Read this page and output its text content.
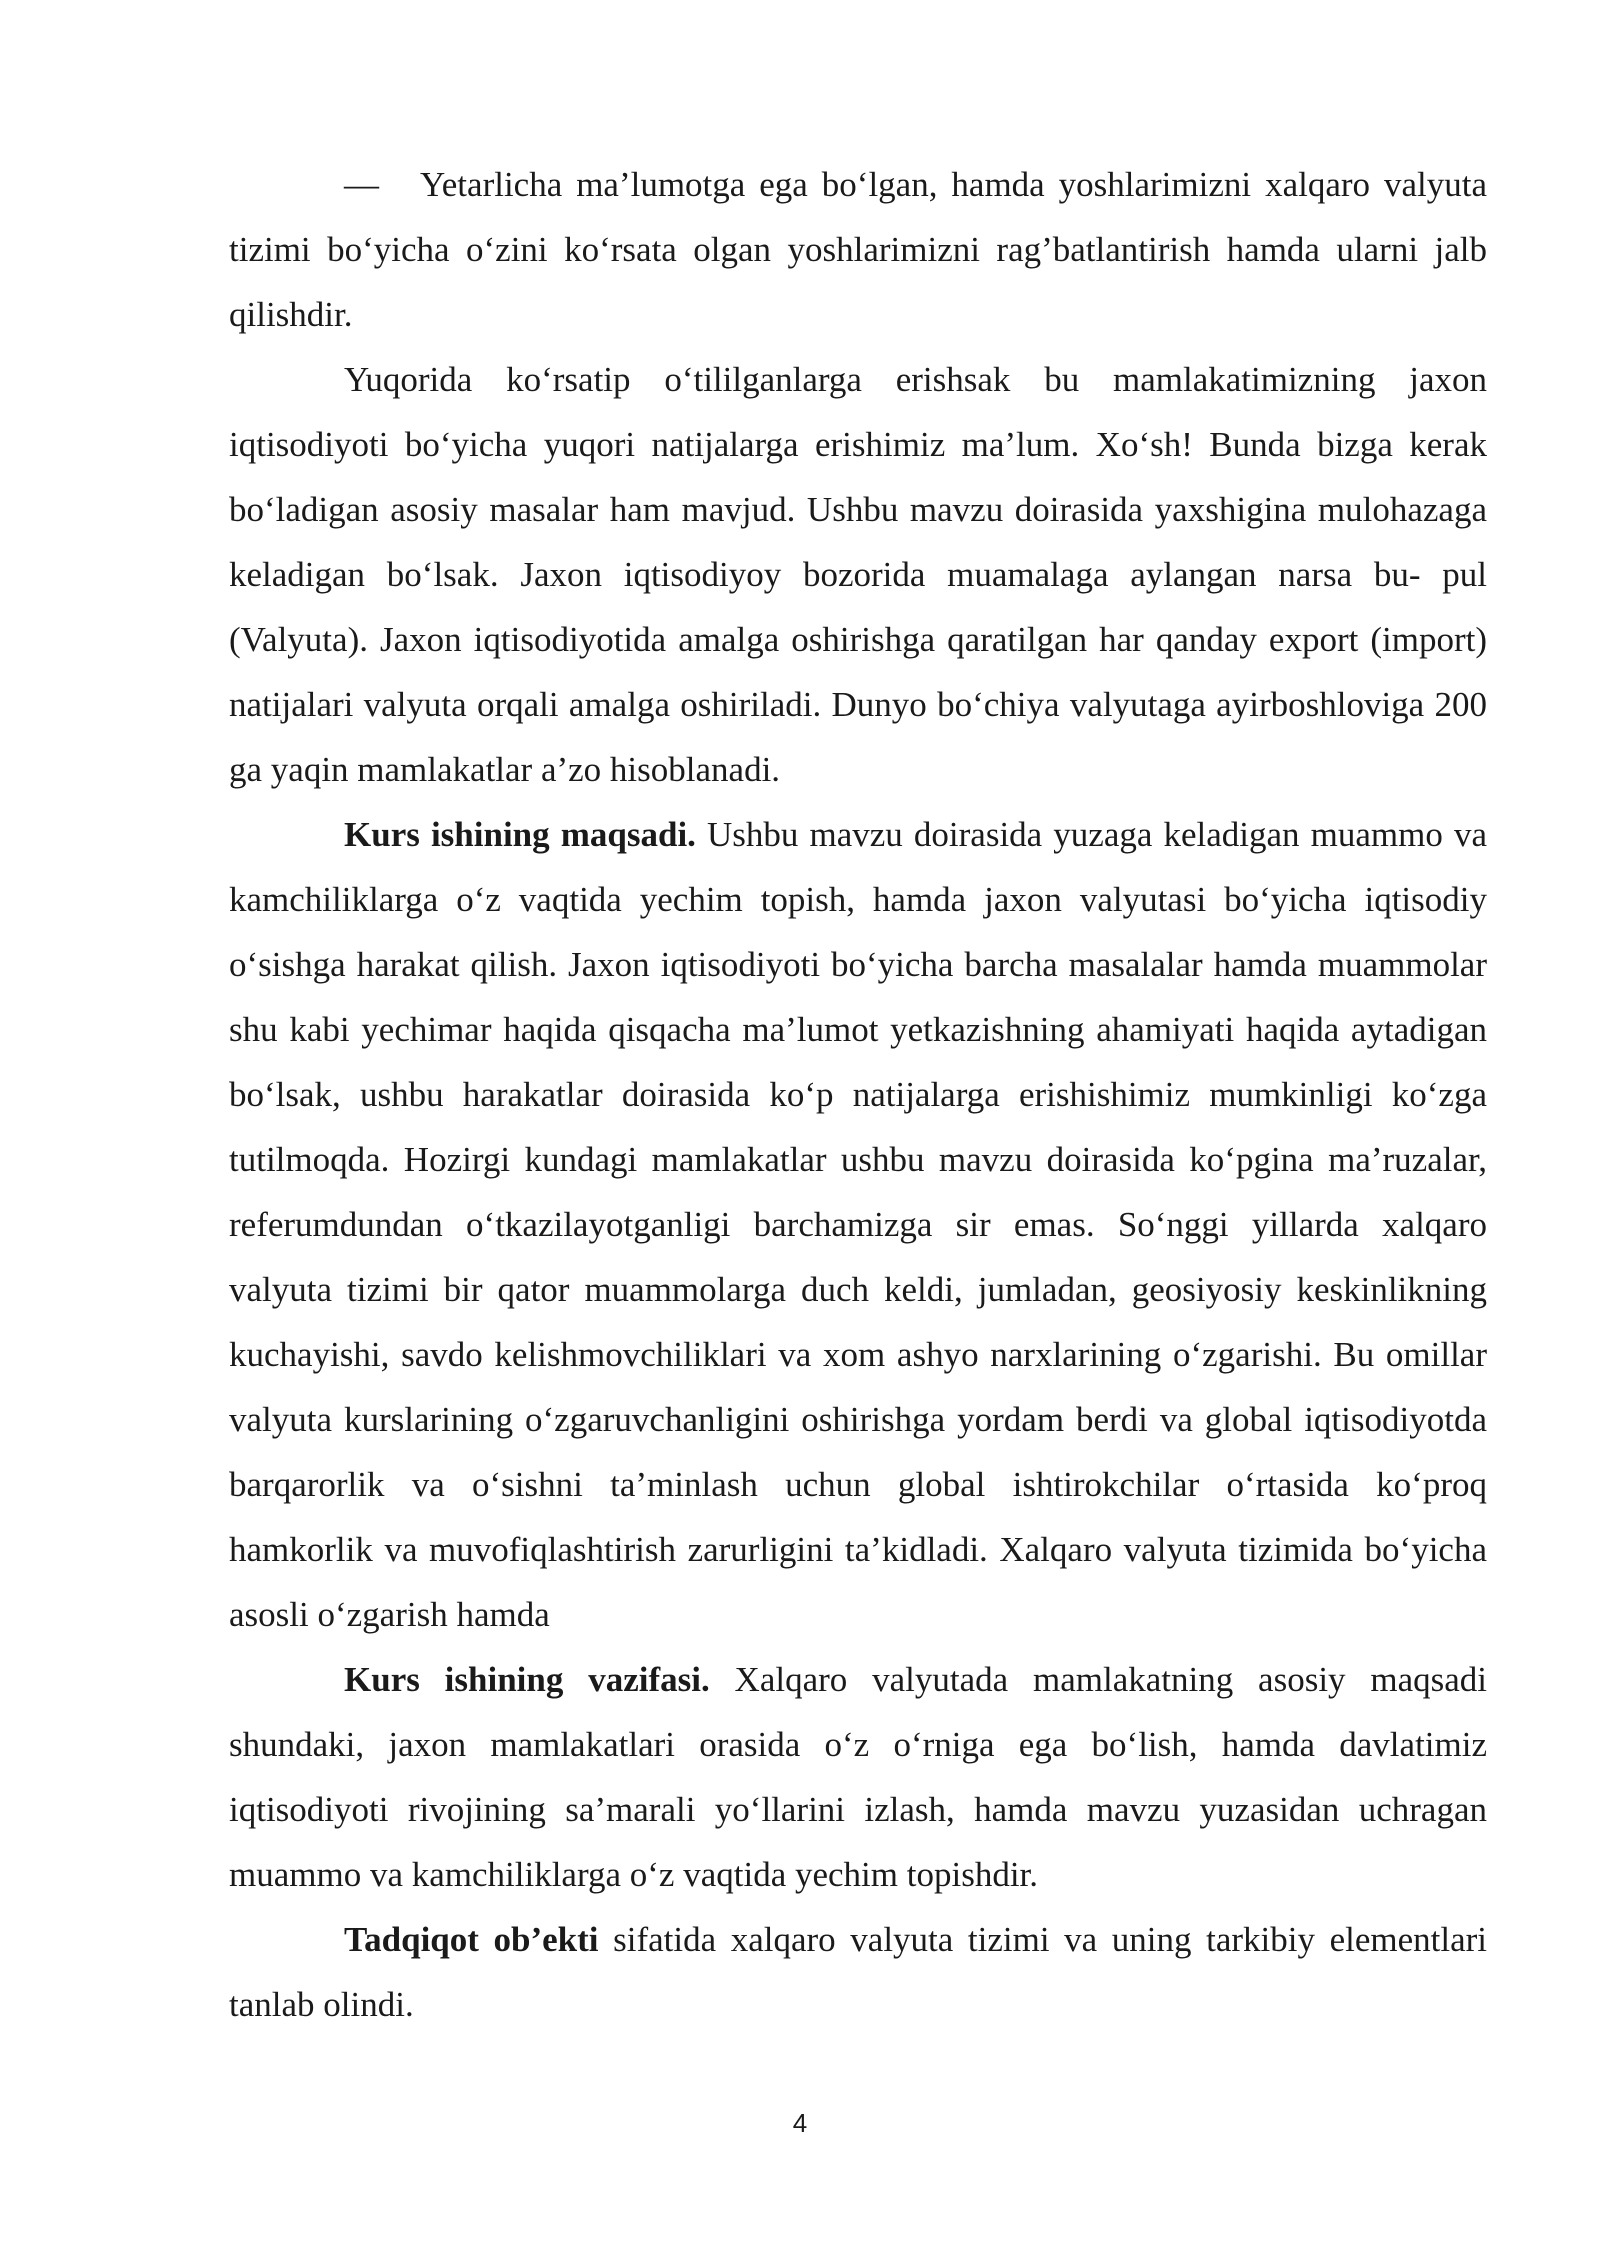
— Yetarlicha ma’lumotga ega bo‘lgan, hamda yoshlarimizni xalqaro valyuta tizimi bo‘yicha o‘zini ko‘rsata olgan yoshlarimizni rag’batlantirish hamda ularni jalb qilishdir.

Yuqorida ko‘rsatip o‘tililganlarga erishsak bu mamlakatimizning jaxon iqtisodiyoti bo‘yicha yuqori natijalarga erishimiz ma’lum. Xo‘sh! Bunda bizga kerak bo‘ladigan asosiy masalar ham mavjud. Ushbu mavzu doirasida yaxshigina mulohazaga keladigan bo‘lsak. Jaxon iqtisodiyoy bozorida muamalaga aylangan narsa bu- pul (Valyuta). Jaxon iqtisodiyotida amalga oshirishga qaratilgan har qanday export (import) natijalari valyuta orqali amalga oshiriladi. Dunyo bo‘chiya valyutaga ayirboshloviga 200 ga yaqin mamlakatlar a’zo hisoblanadi.

Kurs ishining maqsadi. Ushbu mavzu doirasida yuzaga keladigan muammo va kamchiliklarga o‘z vaqtida yechim topish, hamda jaxon valyutasi bo‘yicha iqtisodiy o‘sishga harakat qilish. Jaxon iqtisodiyoti bo‘yicha barcha masalalar hamda muammolar shu kabi yechimar haqida qisqacha ma’lumot yetkazishning ahamiyati haqida aytadigan bo‘lsak, ushbu harakatlar doirasida ko‘p natijalarga erishishimiz mumkinligi ko‘zga tutilmoqda. Hozirgi kundagi mamlakatlar ushbu mavzu doirasida ko‘pgina ma’ruzalar, referumdundan o‘tkazilayotganligi barchamizga sir emas. So‘nggi yillarda xalqaro valyuta tizimi bir qator muammolarga duch keldi, jumladan, geosiyosiy keskinlikning kuchayishi, savdo kelishmovchiliklari va xom ashyo narxlarining o‘zgarishi. Bu omillar valyuta kurslarining o‘zgaruvchanligini oshirishga yordam berdi va global iqtisodiyotda barqarorlik va o‘sishni ta’minlash uchun global ishtirokchilar o‘rtasida ko‘proq hamkorlik va muvofiqlashtirish zarurligini ta’kidladi. Xalqaro valyuta tizimida bo‘yicha asosli o‘zgarish hamda

Kurs ishining vazifasi. Xalqaro valyutada mamlakatning asosiy maqsadi shundaki, jaxon mamlakatlari orasida o‘z o‘rniga ega bo‘lish, hamda davlatimiz iqtisodiyoti rivojining sa’marali yo‘llarini izlash, hamda mavzu yuzasidan uchragan muammo va kamchiliklarga o‘z vaqtida yechim topishdir.

Tadqiqot ob’ekti sifatida xalqaro valyuta tizimi va uning tarkibiy elementlari tanlab olindi.

4
